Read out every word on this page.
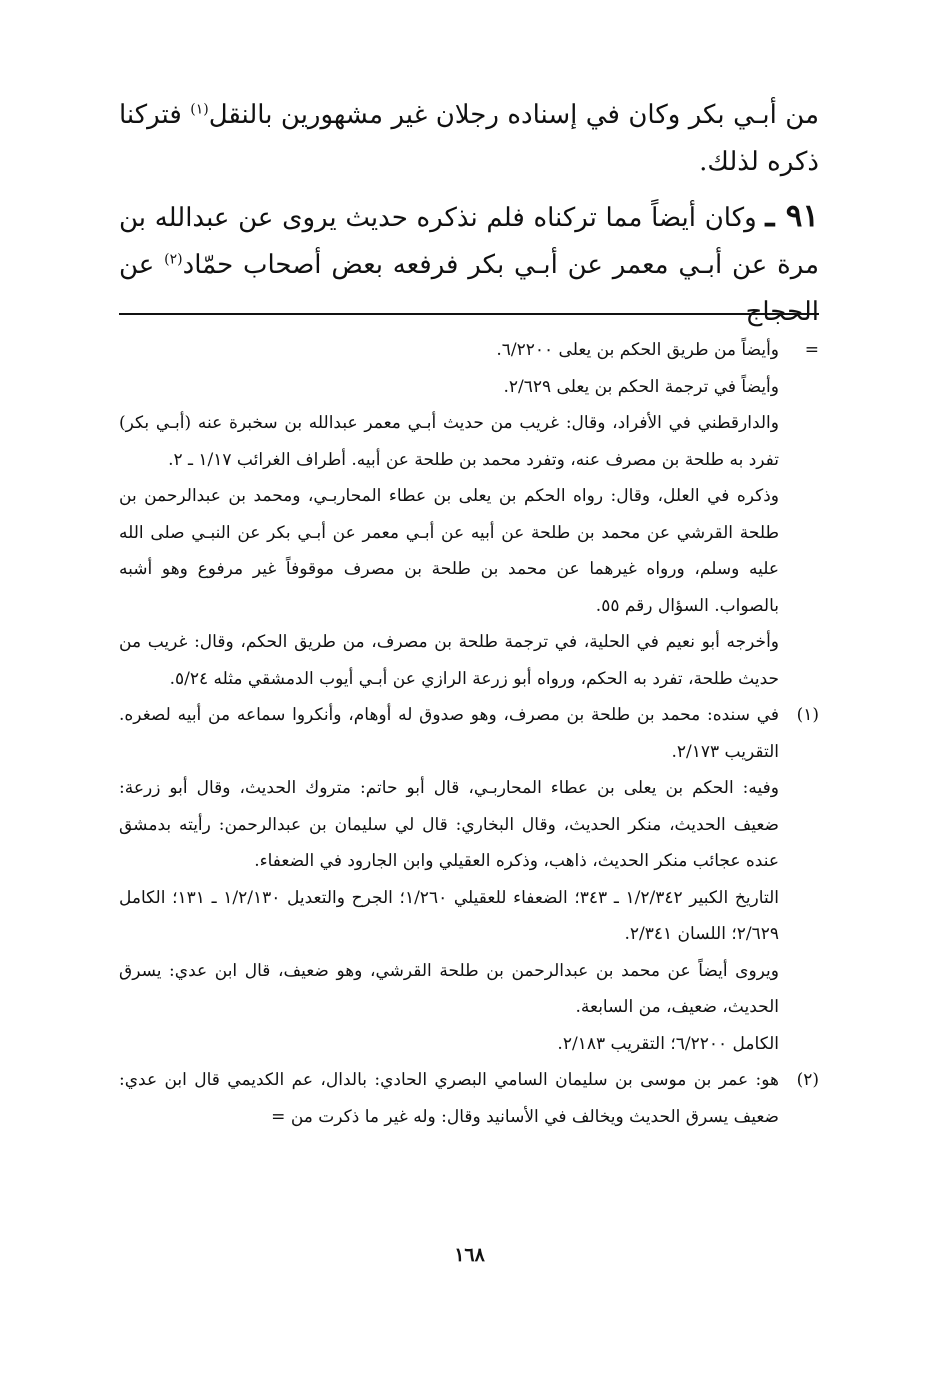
من أبـي بكر وكان في إسناده رجلان غير مشهورين بالنقل$^{(١)}$ فتركنا ذكره لذلك.

٩١ ـ وكان أيضاً مما تركناه فلم نذكره حديث يروى عن عبدالله بن مرة عن أبـي معمر عن أبـي بكر فرفعه بعض أصحاب حمّاد$^{(٢)}$ عن الحجاج

=

وأيضاً من طريق الحكم بن يعلى ٦/٢٢٠٠.

وأيضاً في ترجمة الحكم بن يعلى ٢/٦٢٩.

والدارقطني في الأفراد، وقال: غريب من حديث أبـي معمر عبدالله بن سخبرة عنه (أبـي بكر) تفرد به طلحة بن مصرف عنه، وتفرد محمد بن طلحة عن أبيه. أطراف الغرائب ١/١٧ ـ ٢.

وذكره في العلل، وقال: رواه الحكم بن يعلى بن عطاء المحاربـي، ومحمد بن عبدالرحمن بن طلحة القرشي عن محمد بن طلحة عن أبيه عن أبـي معمر عن أبـي بكر عن النبـي صلى الله عليه وسلم، ورواه غيرهما عن محمد بن طلحة بن مصرف موقوفاً غير مرفوع وهو أشبه بالصواب. السؤال رقم ٥٥.

وأخرجه أبو نعيم في الحلية، في ترجمة طلحة بن مصرف، من طريق الحكم، وقال: غريب من حديث طلحة، تفرد به الحكم، ورواه أبو زرعة الرازي عن أبـي أيوب الدمشقي مثله ٥/٢٤.

(١)

في سنده: محمد بن طلحة بن مصرف، وهو صدوق له أوهام، وأنكروا سماعه من أبيه لصغره. التقريب ٢/١٧٣.

وفيه: الحكم بن يعلى بن عطاء المحاربـي، قال أبو حاتم: متروك الحديث، وقال أبو زرعة: ضعيف الحديث، منكر الحديث، وقال البخاري: قال لي سليمان بن عبدالرحمن: رأيته بدمشق عنده عجائب منكر الحديث، ذاهب، وذكره العقيلي وابن الجارود في الضعفاء.

التاريخ الكبير ١/٢/٣٤٢ ـ ٣٤٣؛ الضعفاء للعقيلي ١/٢٦٠؛ الجرح والتعديل ١/٢/١٣٠ ـ ١٣١؛ الكامل ٢/٦٢٩؛ اللسان ٢/٣٤١.

ويروى أيضاً عن محمد بن عبدالرحمن بن طلحة القرشي، وهو ضعيف، قال ابن عدي: يسرق الحديث، ضعيف، من السابعة.

الكامل ٦/٢٢٠٠؛ التقريب ٢/١٨٣.

(٢)

هو: عمر بن موسى بن سليمان السامي البصري الحادي: بالدال، عم الكديمي قال ابن عدي: ضعيف يسرق الحديث ويخالف في الأسانيد وقال: وله غير ما ذكرت من =

١٦٨
